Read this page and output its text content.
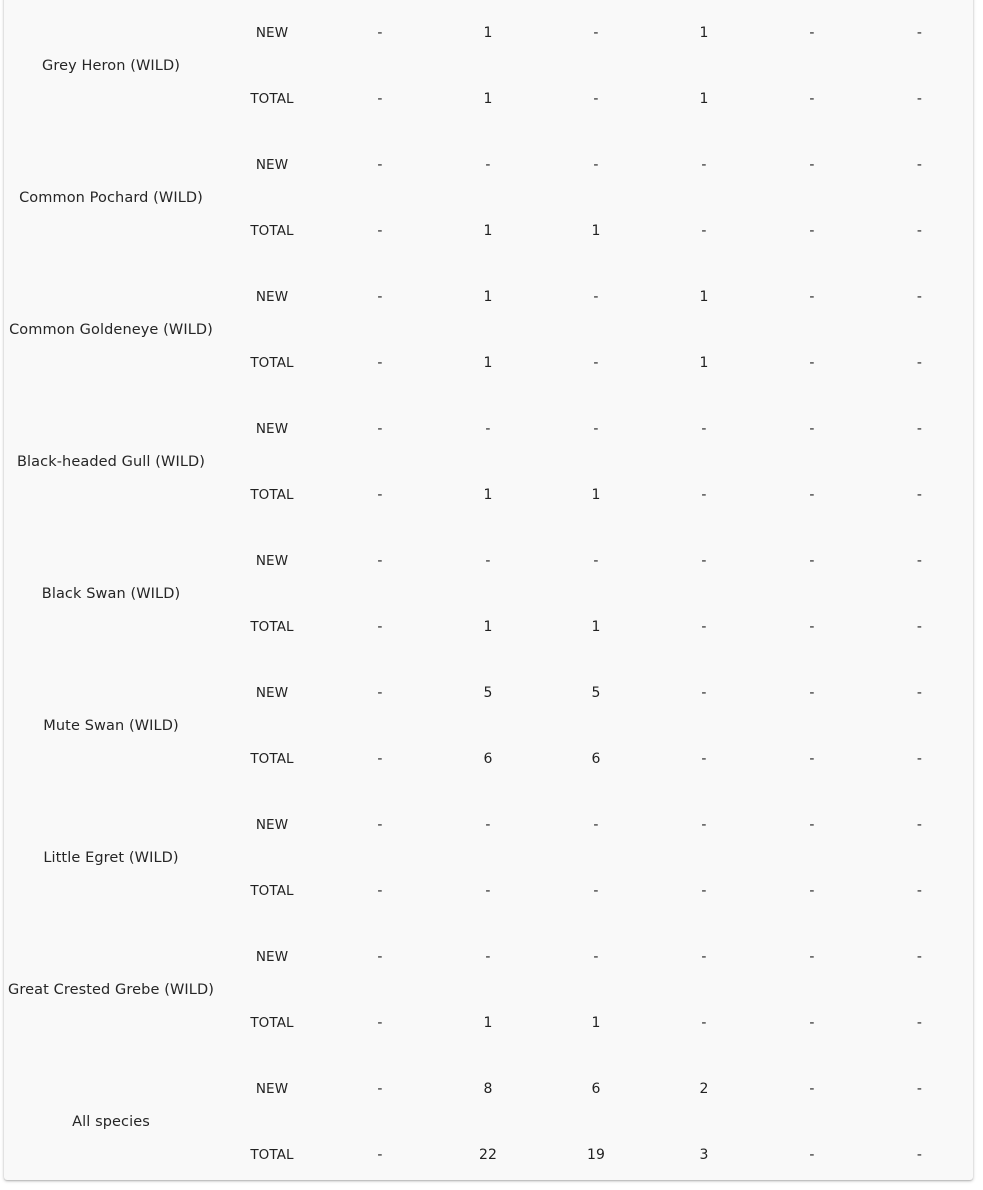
Grey Heron (WILD)	NEW	-	1	-	1	-	-
	TOTAL	-	1	-	1	-	-
Common Pochard (WILD)	NEW	-	-	-	-	-	-
	TOTAL	-	1	1	-	-	-
Common Goldeneye (WILD)	NEW	-	1	-	1	-	-
	TOTAL	-	1	-	1	-	-
Black-headed Gull (WILD)	NEW	-	-	-	-	-	-
	TOTAL	-	1	1	-	-	-
Black Swan (WILD)	NEW	-	-	-	-	-	-
	TOTAL	-	1	1	-	-	-
Mute Swan (WILD)	NEW	-	5	5	-	-	-
	TOTAL	-	6	6	-	-	-
Little Egret (WILD)	NEW	-	-	-	-	-	-
	TOTAL	-	-	-	-	-	-
Great Crested Grebe (WILD)	NEW	-	-	-	-	-	-
	TOTAL	-	1	1	-	-	-
All species	NEW	-	8	6	2	-	-
	TOTAL	-	22	19	3	-	-
